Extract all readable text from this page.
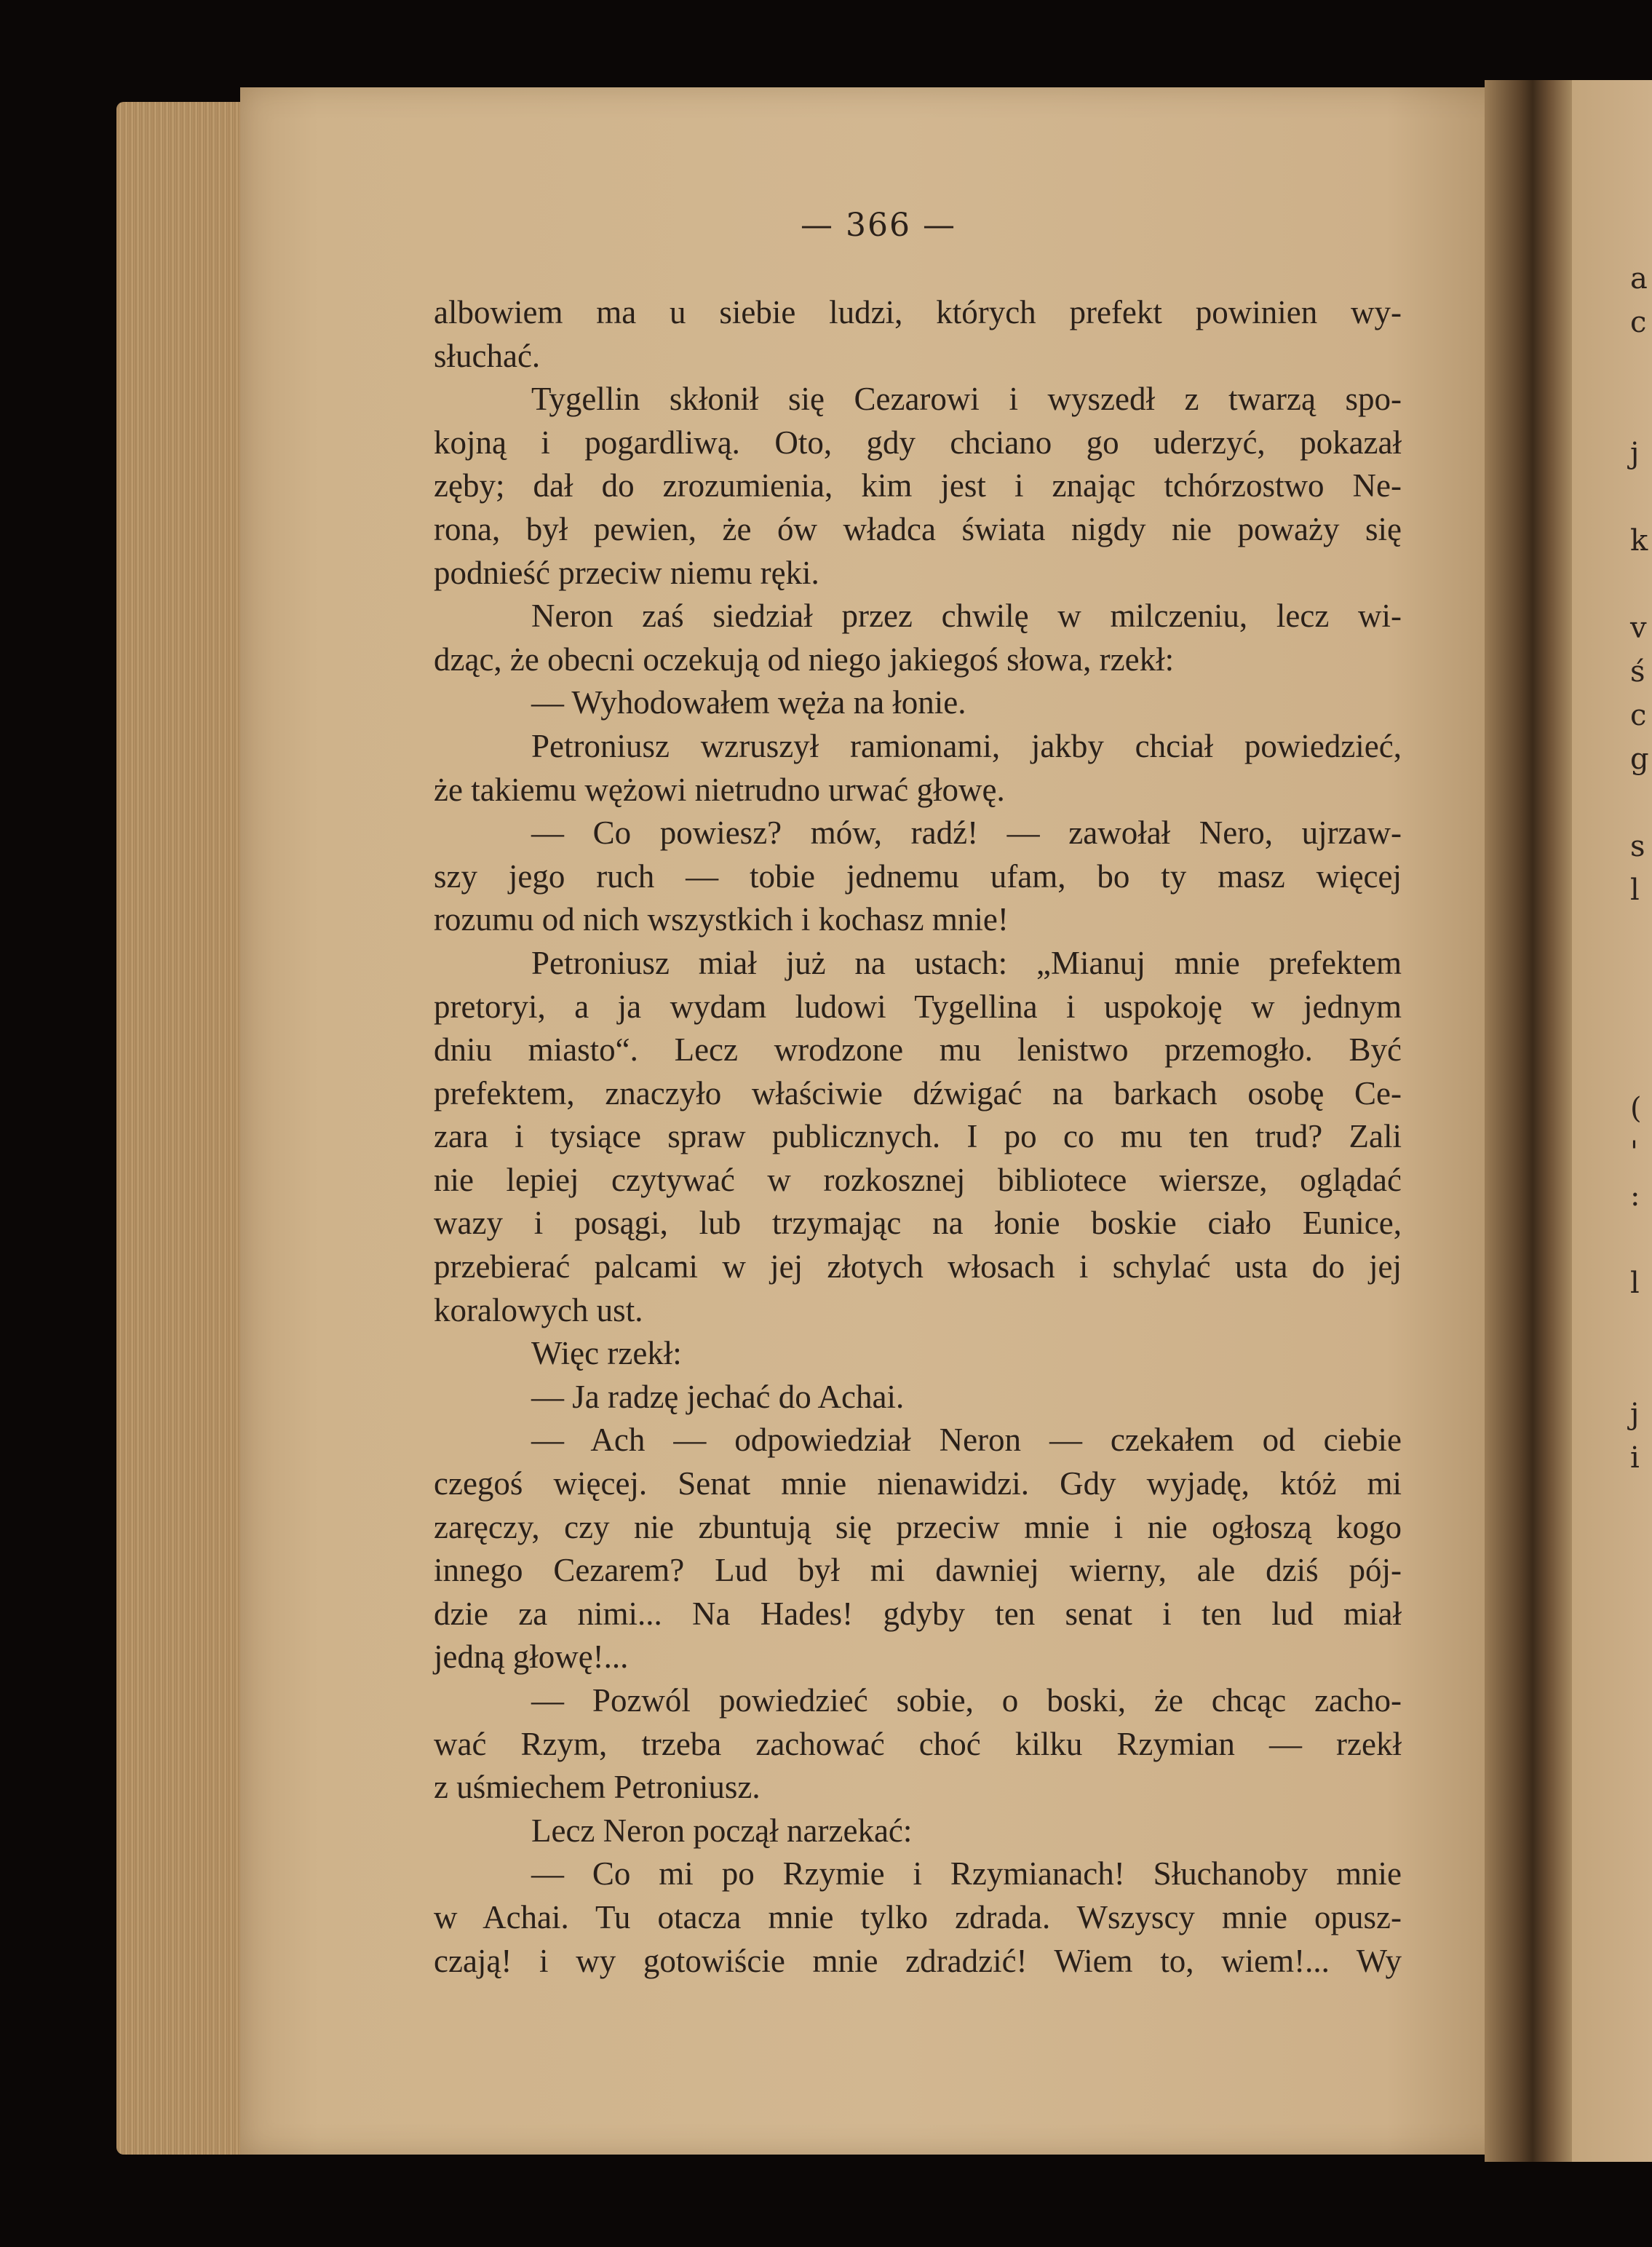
a
c
j
k
v
ś
c
g
s
l
(
'
:
l
j
i
— 366 —
albowiem ma u siebie ludzi, których prefekt powinien wy-
słuchać.
Tygellin skłonił się Cezarowi i wyszedł z twarzą spo-
kojną i pogardliwą. Oto, gdy chciano go uderzyć, pokazał
zęby; dał do zrozumienia, kim jest i znając tchórzostwo Ne-
rona, był pewien, że ów władca świata nigdy nie poważy się
podnieść przeciw niemu ręki.
Neron zaś siedział przez chwilę w milczeniu, lecz wi-
dząc, że obecni oczekują od niego jakiegoś słowa, rzekł:
— Wyhodowałem węża na łonie.
Petroniusz wzruszył ramionami, jakby chciał powiedzieć,
że takiemu wężowi nietrudno urwać głowę.
— Co powiesz? mów, radź! — zawołał Nero, ujrzaw-
szy jego ruch — tobie jednemu ufam, bo ty masz więcej
rozumu od nich wszystkich i kochasz mnie!
Petroniusz miał już na ustach: „Mianuj mnie prefektem
pretoryi, a ja wydam ludowi Tygellina i uspokoję w jednym
dniu miasto“. Lecz wrodzone mu lenistwo przemogło. Być
prefektem, znaczyło właściwie dźwigać na barkach osobę Ce-
zara i tysiące spraw publicznych. I po co mu ten trud? Zali
nie lepiej czytywać w rozkosznej bibliotece wiersze, oglądać
wazy i posągi, lub trzymając na łonie boskie ciało Eunice,
przebierać palcami w jej złotych włosach i schylać usta do jej
koralowych ust.
Więc rzekł:
— Ja radzę jechać do Achai.
— Ach — odpowiedział Neron — czekałem od ciebie
czegoś więcej. Senat mnie nienawidzi. Gdy wyjadę, któż mi
zaręczy, czy nie zbuntują się przeciw mnie i nie ogłoszą kogo
innego Cezarem? Lud był mi dawniej wierny, ale dziś pój-
dzie za nimi... Na Hades! gdyby ten senat i ten lud miał
jedną głowę!...
— Pozwól powiedzieć sobie, o boski, że chcąc zacho-
wać Rzym, trzeba zachować choć kilku Rzymian — rzekł
z uśmiechem Petroniusz.
Lecz Neron począł narzekać:
— Co mi po Rzymie i Rzymianach! Słuchanoby mnie
w Achai. Tu otacza mnie tylko zdrada. Wszyscy mnie opusz-
czają! i wy gotowiście mnie zdradzić! Wiem to, wiem!... Wy
